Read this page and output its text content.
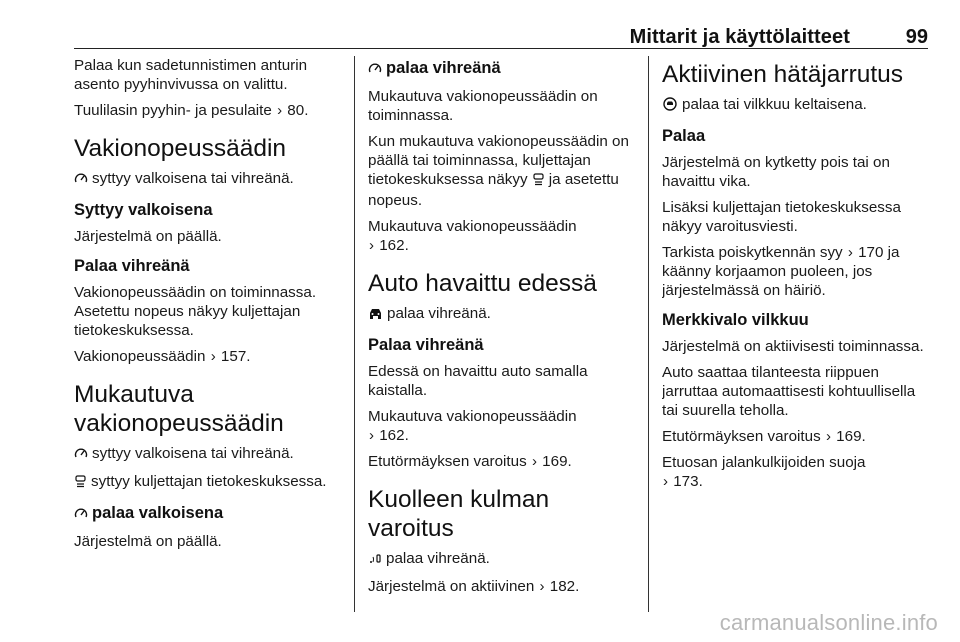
Mittarit ja käyttölaitteet	99

Palaa kun sadetunnistimen anturin asento pyyhinvivussa on valittu.

Tuulilasin pyyhin- ja pesulaite › 80.

Vakionopeussäädin

syttyy valkoisena tai vihreänä.

Syttyy valkoisena

Järjestelmä on päällä.

Palaa vihreänä

Vakionopeussäädin on toiminnassa. Asetettu nopeus näkyy kuljettajan tietokeskuksessa.

Vakionopeussäädin › 157.

Mukautuva vakionopeussäädin

syttyy valkoisena tai vihreänä.

syttyy kuljettajan tietokeskuksessa.

palaa valkoisena

Järjestelmä on päällä.

palaa vihreänä

Mukautuva vakionopeussäädin on toiminnassa.

Kun mukautuva vakionopeussäädin on päällä tai toiminnassa, kuljettajan tietokeskuksessa näkyy ja asetettu nopeus.

Mukautuva vakionopeussäädin
› 162.

Auto havaittu edessä

palaa vihreänä.

Palaa vihreänä

Edessä on havaittu auto samalla kaistalla.

Mukautuva vakionopeussäädin
› 162.

Etutörmäyksen varoitus › 169.

Kuolleen kulman varoitus

palaa vihreänä.

Järjestelmä on aktiivinen › 182.

Aktiivinen hätäjarrutus

palaa tai vilkkuu keltaisena.

Palaa

Järjestelmä on kytketty pois tai on havaittu vika.

Lisäksi kuljettajan tietokeskuksessa näkyy varoitusviesti.

Tarkista poiskytkennän syy › 170 ja käänny korjaamon puoleen, jos järjestelmässä on häiriö.

Merkkivalo vilkkuu

Järjestelmä on aktiivisesti toiminnassa.

Auto saattaa tilanteesta riippuen jarruttaa automaattisesti kohtuullisella tai suurella teholla.

Etutörmäyksen varoitus › 169.

Etuosan jalankulkijoiden suoja
› 173.

carmanualsonline.info
